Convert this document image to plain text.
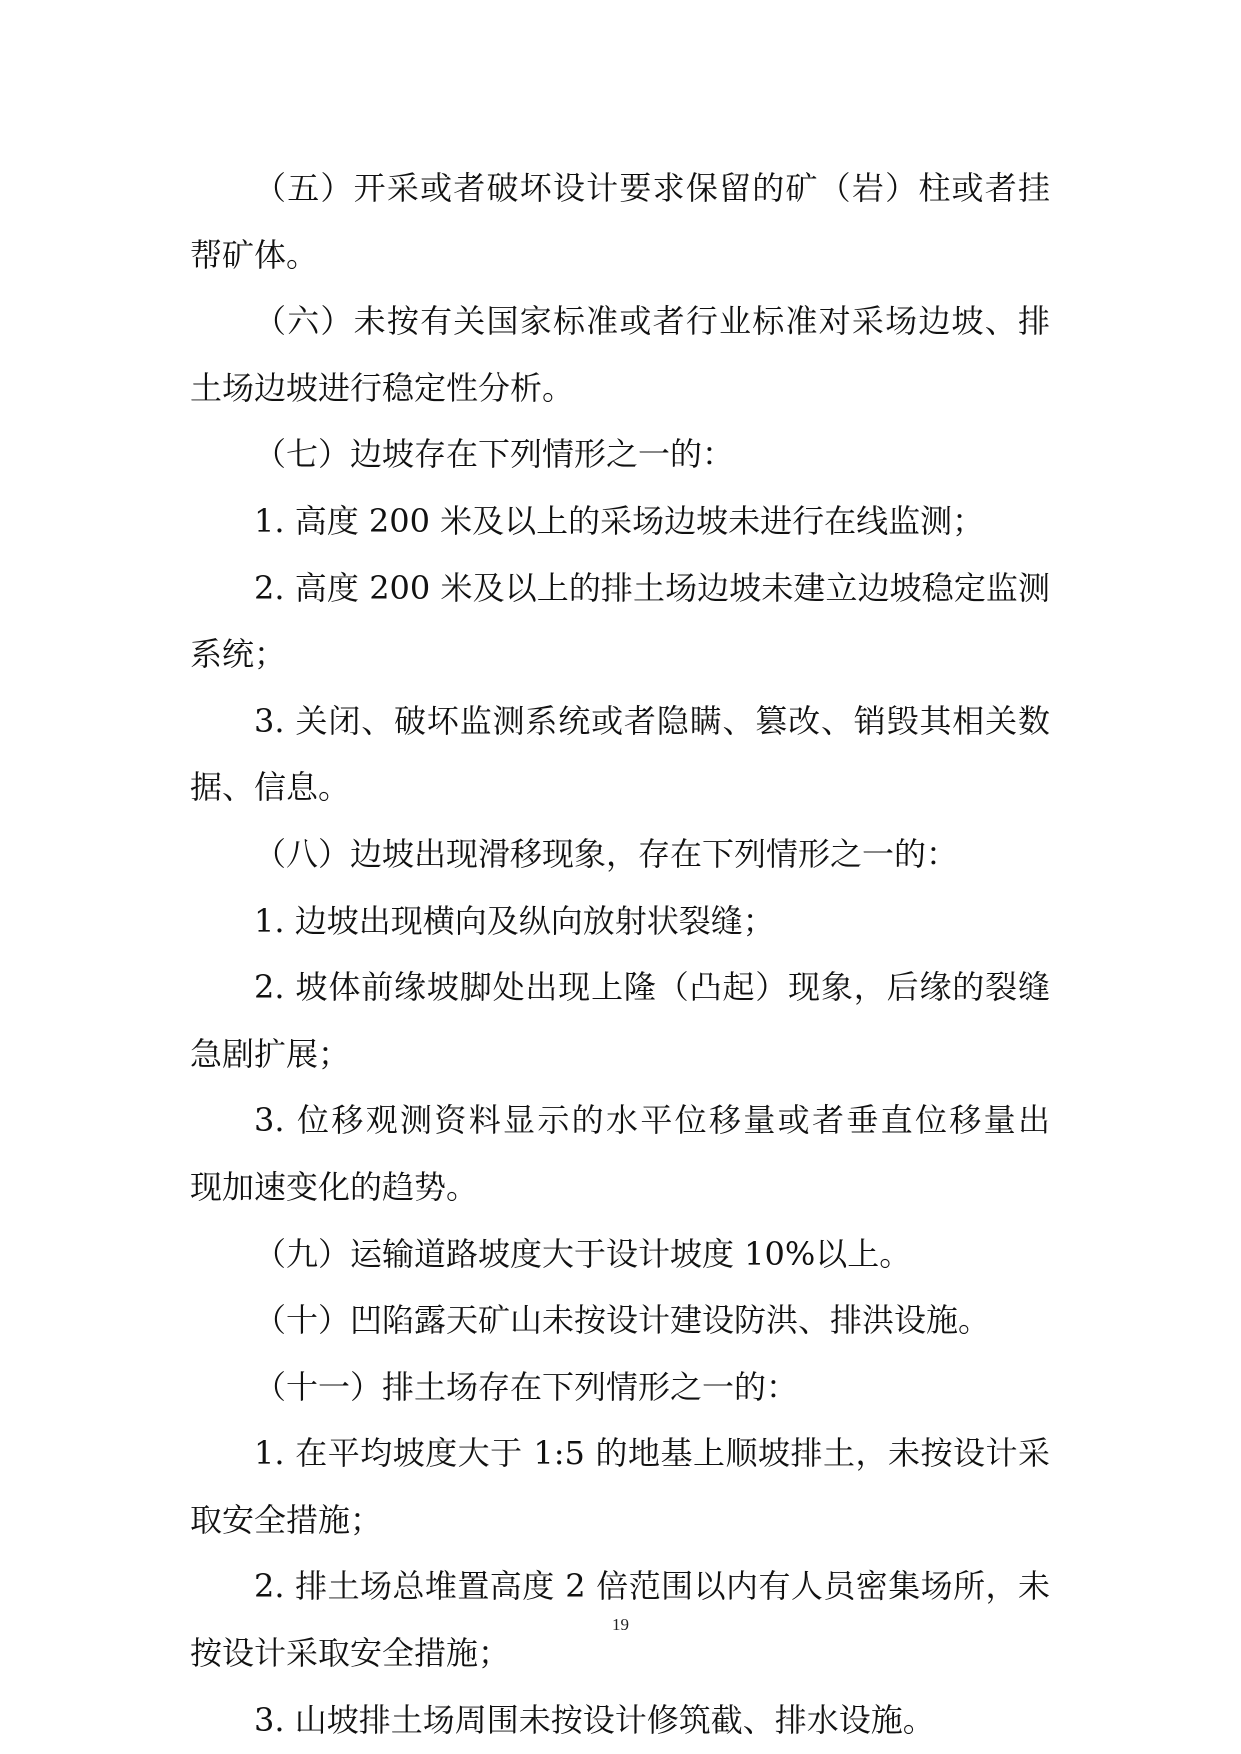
（五）开采或者破坏设计要求保留的矿（岩）柱或者挂
帮矿体。
（六）未按有关国家标准或者行业标准对采场边坡、排
土场边坡进行稳定性分析。
（七）边坡存在下列情形之一的：
1. 高度 200 米及以上的采场边坡未进行在线监测；
2. 高度 200 米及以上的排土场边坡未建立边坡稳定监测
系统；
3. 关闭、破坏监测系统或者隐瞒、篡改、销毁其相关数
据、信息。
（八）边坡出现滑移现象，存在下列情形之一的：
1. 边坡出现横向及纵向放射状裂缝；
2. 坡体前缘坡脚处出现上隆（凸起）现象，后缘的裂缝
急剧扩展；
3. 位移观测资料显示的水平位移量或者垂直位移量出
现加速变化的趋势。
（九）运输道路坡度大于设计坡度 10%以上。
（十）凹陷露天矿山未按设计建设防洪、排洪设施。
（十一）排土场存在下列情形之一的：
1. 在平均坡度大于 1:5 的地基上顺坡排土，未按设计采
取安全措施；
2. 排土场总堆置高度 2 倍范围以内有人员密集场所，未
按设计采取安全措施；
3. 山坡排土场周围未按设计修筑截、排水设施。
19
